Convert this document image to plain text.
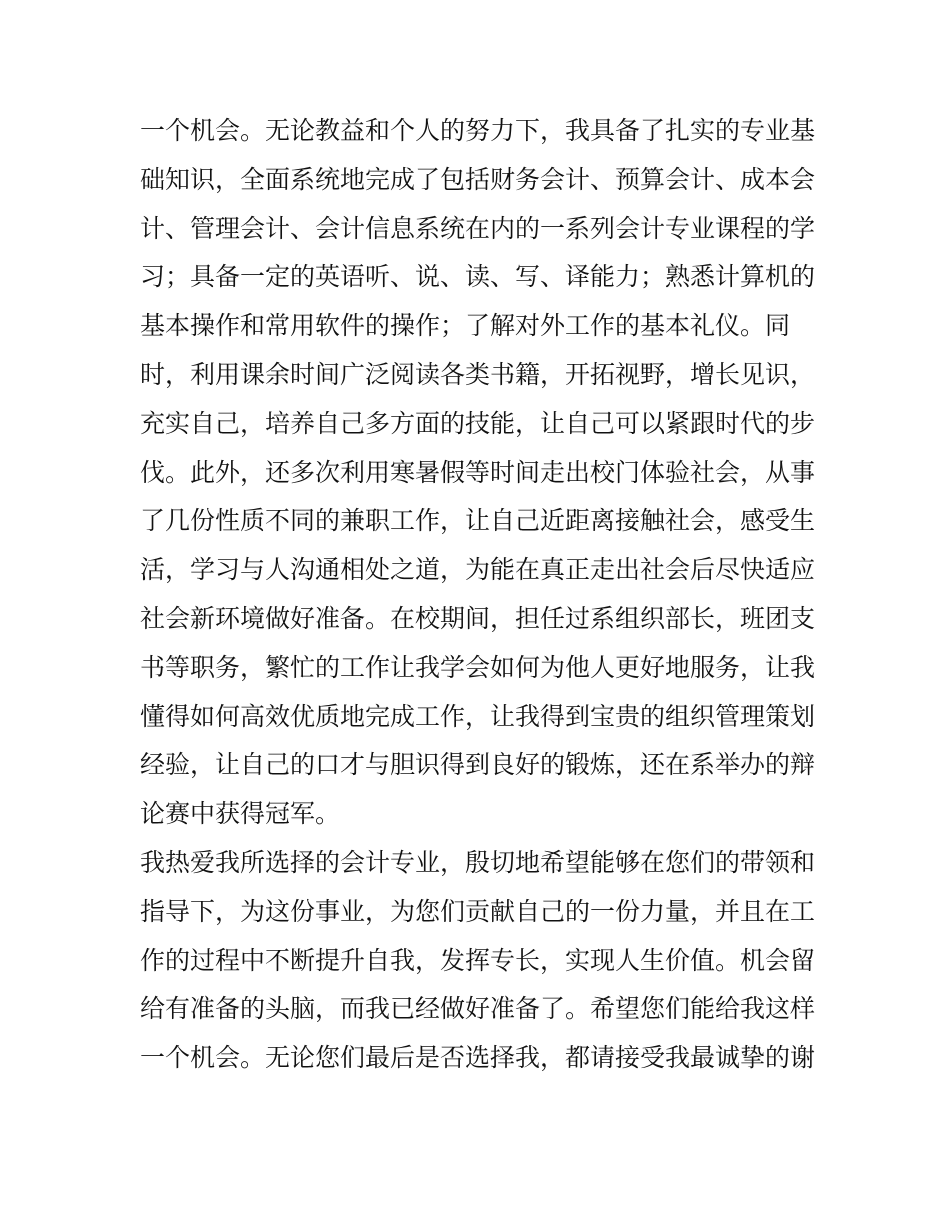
一个机会。无论教益和个人的努力下，我具备了扎实的专业基
础知识，全面系统地完成了包括财务会计、预算会计、成本会
计、管理会计、会计信息系统在内的一系列会计专业课程的学
习；具备一定的英语听、说、读、写、译能力；熟悉计算机的
基本操作和常用软件的操作；了解对外工作的基本礼仪。同
时，利用课余时间广泛阅读各类书籍，开拓视野，增长见识，
充实自己，培养自己多方面的技能，让自己可以紧跟时代的步
伐。此外，还多次利用寒暑假等时间走出校门体验社会，从事
了几份性质不同的兼职工作，让自己近距离接触社会，感受生
活，学习与人沟通相处之道，为能在真正走出社会后尽快适应
社会新环境做好准备。在校期间，担任过系组织部长，班团支
书等职务，繁忙的工作让我学会如何为他人更好地服务，让我
懂得如何高效优质地完成工作，让我得到宝贵的组织管理策划
经验，让自己的口才与胆识得到良好的锻炼，还在系举办的辩
论赛中获得冠军。
我热爱我所选择的会计专业，殷切地希望能够在您们的带领和
指导下，为这份事业，为您们贡献自己的一份力量，并且在工
作的过程中不断提升自我，发挥专长，实现人生价值。机会留
给有准备的头脑，而我已经做好准备了。希望您们能给我这样
一个机会。无论您们最后是否选择我，都请接受我最诚挚的谢
